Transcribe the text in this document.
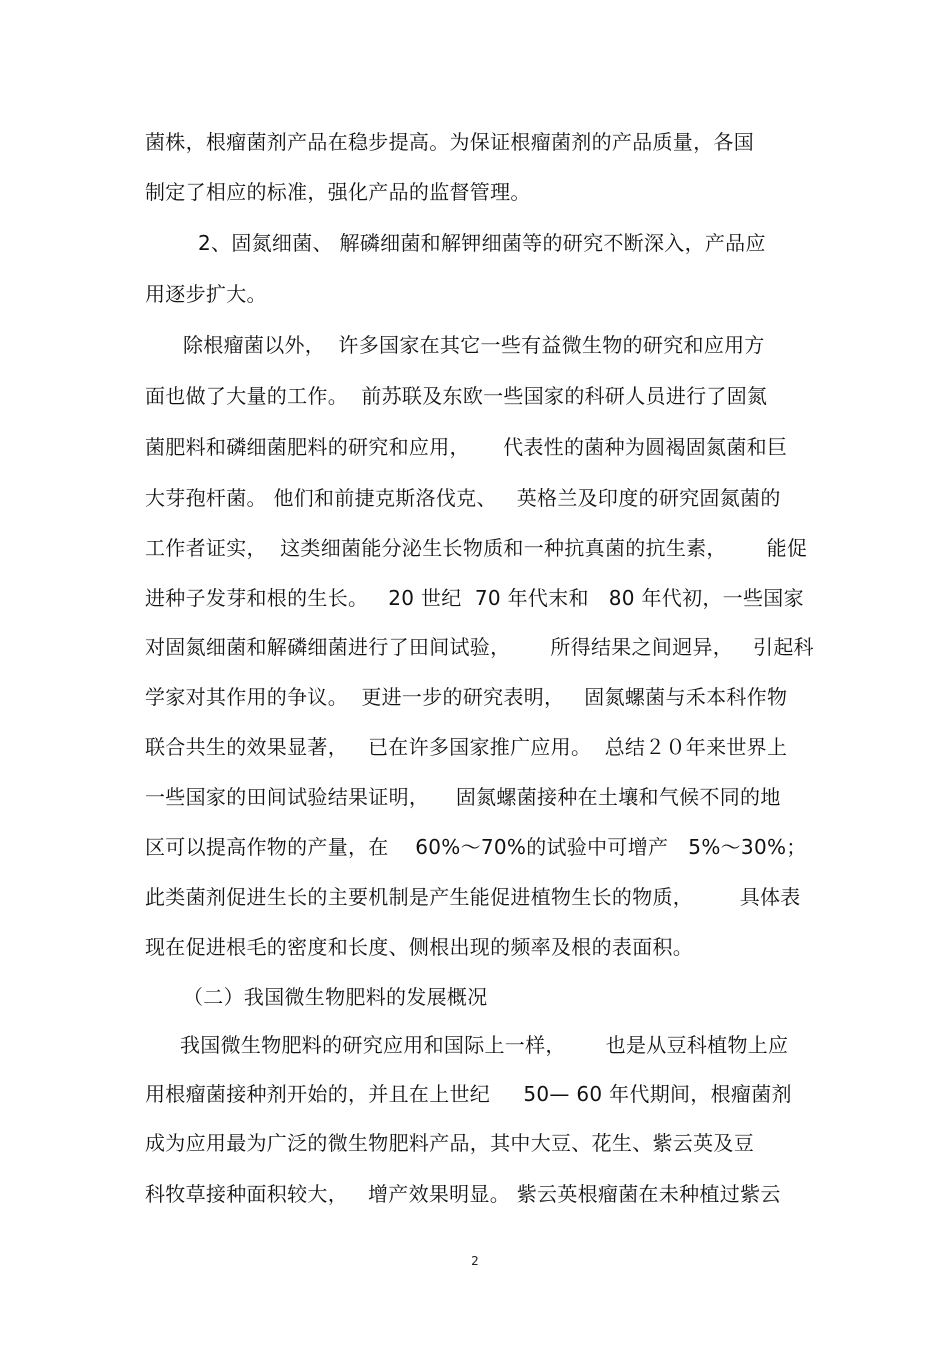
菌株，根瘤菌剂产品在稳步提高。为保证根瘤菌剂的产品质量，各国
制定了相应的标准，强化产品的监督管理。
2、固氮细菌、 解磷细菌和解钾细菌等的研究不断深入，产品应
用逐步扩大。
除根瘤菌以外，  许多国家在其它一些有益微生物的研究和应用方
面也做了大量的工作。  前苏联及东欧一些国家的科研人员进行了固氮
菌肥料和磷细菌肥料的研究和应用，     代表性的菌种为圆褐固氮菌和巨
大芽孢杆菌。 他们和前捷克斯洛伐克、   英格兰及印度的研究固氮菌的
工作者证实，  这类细菌能分泌生长物质和一种抗真菌的抗生素，      能促
进种子发芽和根的生长。   20 世纪  70 年代末和   80 年代初，一些国家
对固氮细菌和解磷细菌进行了田间试验，      所得结果之间迥异，   引起科
学家对其作用的争议。  更进一步的研究表明，   固氮螺菌与禾本科作物
联合共生的效果显著，   已在许多国家推广应用。  总结２０年来世界上
一些国家的田间试验结果证明，    固氮螺菌接种在土壤和气候不同的地
区可以提高作物的产量，在    60%～70%的试验中可增产   5%～30%；
此类菌剂促进生长的主要机制是产生能促进植物生长的物质，       具体表
现在促进根毛的密度和长度、侧根出现的频率及根的表面积。
（二）我国微生物肥料的发展概况
我国微生物肥料的研究应用和国际上一样，      也是从豆科植物上应
用根瘤菌接种剂开始的，并且在上世纪     50— 60 年代期间，根瘤菌剂
成为应用最为广泛的微生物肥料产品，其中大豆、花生、紫云英及豆
科牧草接种面积较大，   增产效果明显。 紫云英根瘤菌在未种植过紫云
2
